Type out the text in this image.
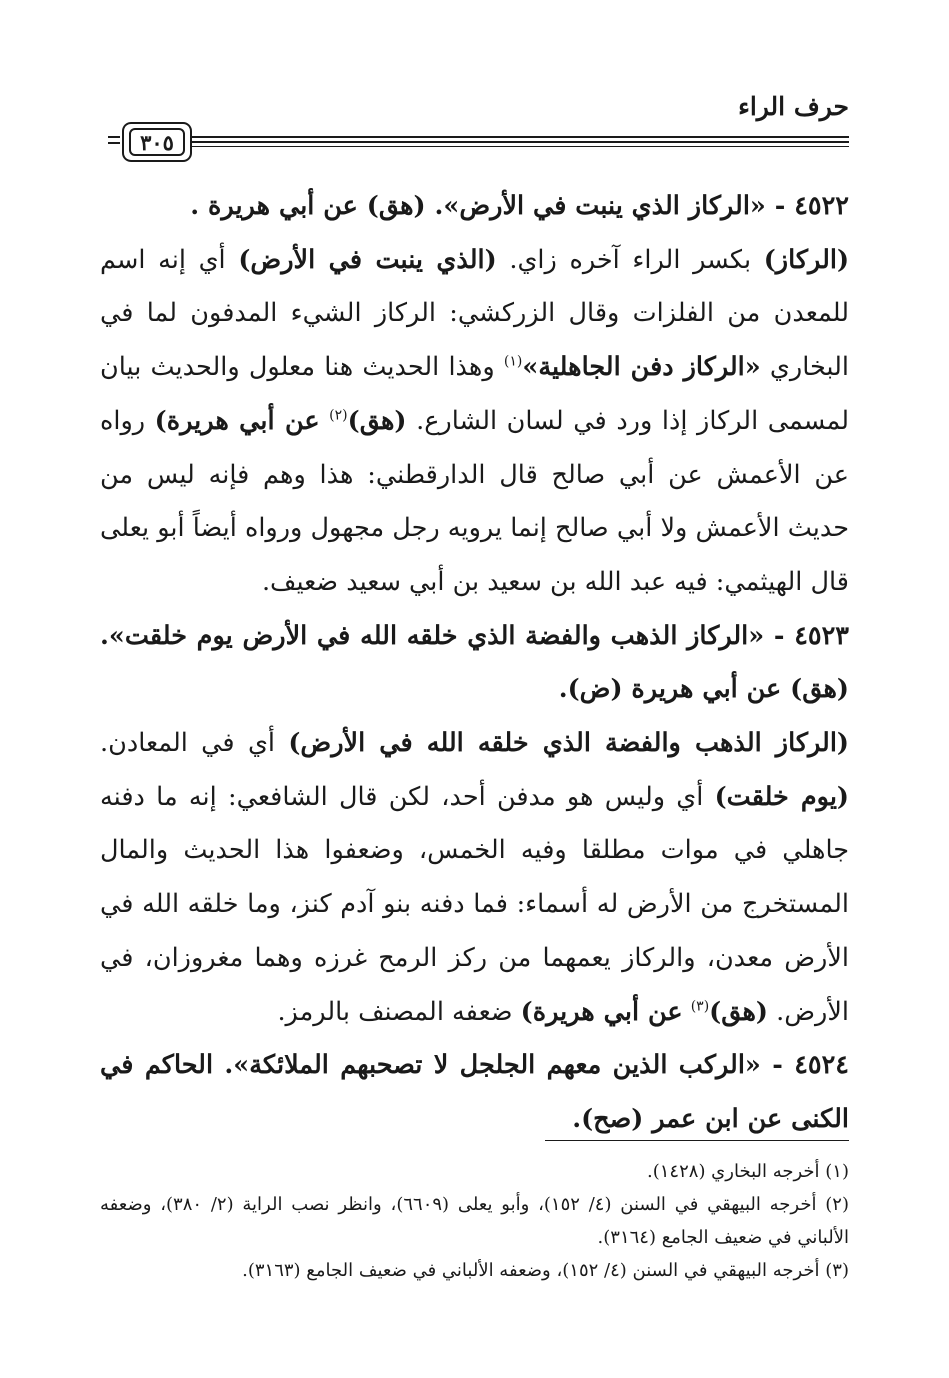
حرف الراء
٣٠٥

٤٥٢٢ - «الركاز الذي ينبت في الأرض». (هق) عن أبي هريرة .

(الركاز) بكسر الراء آخره زاي. (الذي ينبت في الأرض) أي إنه اسم للمعدن من الفلزات وقال الزركشي: الركاز الشيء المدفون لما في البخاري «الركاز دفن الجاهلية»$^{(١)}$ وهذا الحديث هنا معلول والحديث بيان لمسمى الركاز إذا ورد في لسان الشارع. (هق)$^{(٢)}$ عن أبي هريرة) رواه عن الأعمش عن أبي صالح قال الدارقطني: هذا وهم فإنه ليس من حديث الأعمش ولا أبي صالح إنما يرويه رجل مجهول ورواه أيضاً أبو يعلى قال الهيثمي: فيه عبد الله بن سعيد بن أبي سعيد ضعيف.

٤٥٢٣ - «الركاز الذهب والفضة الذي خلقه الله في الأرض يوم خلقت». (هق) عن أبي هريرة (ض).

(الركاز الذهب والفضة الذي خلقه الله في الأرض) أي في المعادن. (يوم خلقت) أي وليس هو مدفن أحد، لكن قال الشافعي: إنه ما دفنه جاهلي في موات مطلقا وفيه الخمس، وضعفوا هذا الحديث والمال المستخرج من الأرض له أسماء: فما دفنه بنو آدم كنز، وما خلقه الله في الأرض معدن، والركاز يعمهما من ركز الرمح غرزه وهما مغروزان، في الأرض. (هق)$^{(٣)}$ عن أبي هريرة) ضعفه المصنف بالرمز.

٤٥٢٤ - «الركب الذين معهم الجلجل لا تصحبهم الملائكة». الحاكم في الكنى عن ابن عمر (صح).

(١) أخرجه البخاري (١٤٢٨).

(٢) أخرجه البيهقي في السنن (٤/ ١٥٢)، وأبو يعلى (٦٦٠٩)، وانظر نصب الراية (٢/ ٣٨٠)، وضعفه الألباني في ضعيف الجامع (٣١٦٤).

(٣) أخرجه البيهقي في السنن (٤/ ١٥٢)، وضعفه الألباني في ضعيف الجامع (٣١٦٣).
